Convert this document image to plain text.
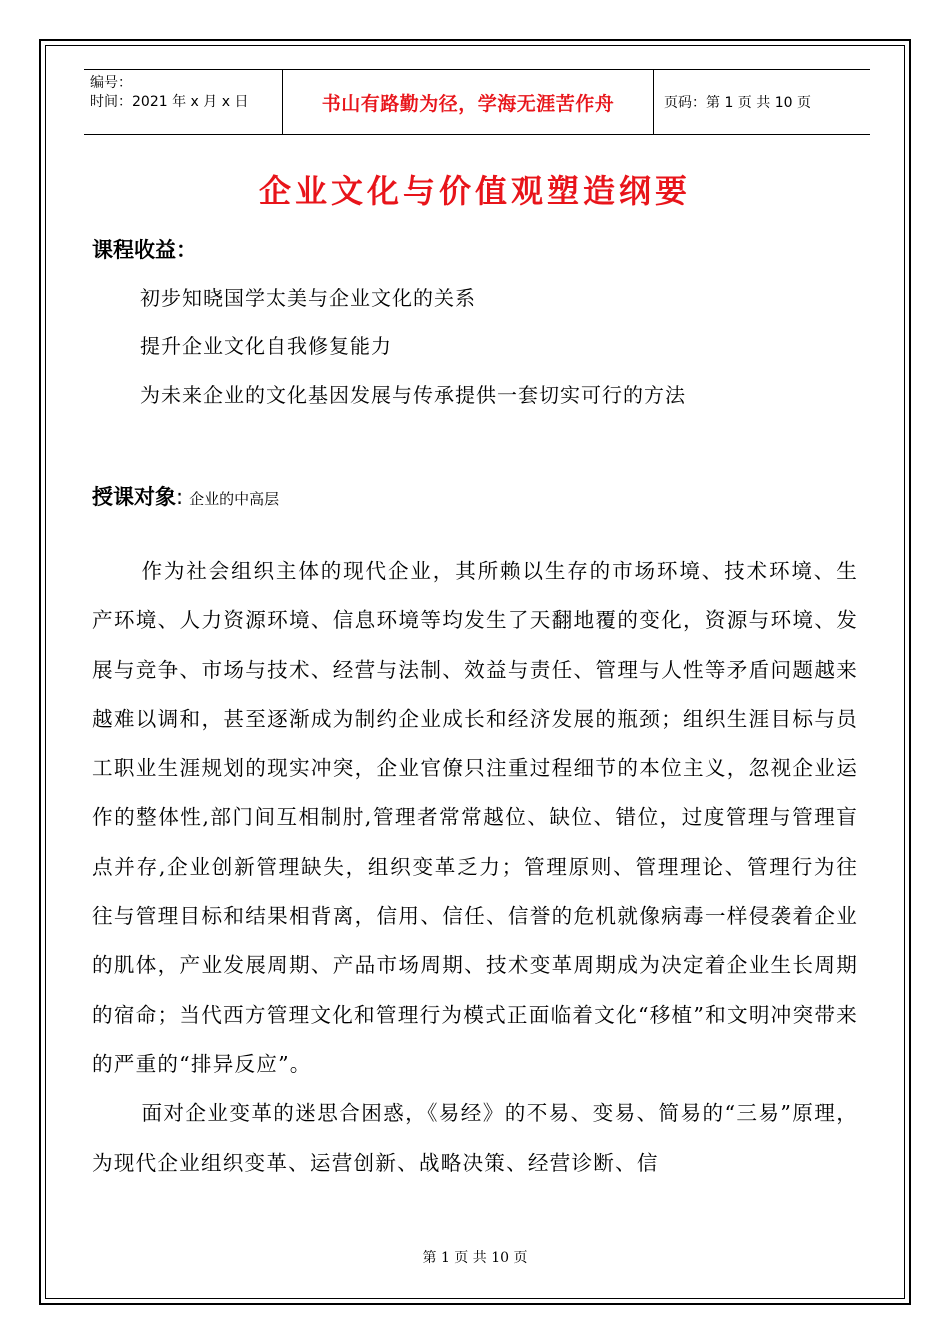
编号：
时间：2021 年 x 月 x 日	书山有路勤为径，学海无涯苦作舟	页码：第 1 页 共 10 页
企业文化与价值观塑造纲要
课程收益：
初步知晓国学太美与企业文化的关系
提升企业文化自我修复能力
为未来企业的文化基因发展与传承提供一套切实可行的方法
授课对象: 企业的中高层

作为社会组织主体的现代企业，其所赖以生存的市场环境、技术环境、生产环境、人力资源环境、信息环境等均发生了天翻地覆的变化，资源与环境、发展与竞争、市场与技术、经营与法制、效益与责任、管理与人性等矛盾问题越来越难以调和，甚至逐渐成为制约企业成长和经济发展的瓶颈；组织生涯目标与员工职业生涯规划的现实冲突，企业官僚只注重过程细节的本位主义，忽视企业运作的整体性,部门间互相制肘,管理者常常越位、缺位、错位，过度管理与管理盲点并存,企业创新管理缺失，组织变革乏力；管理原则、管理理论、管理行为往往与管理目标和结果相背离，信用、信任、信誉的危机就像病毒一样侵袭着企业的肌体，产业发展周期、产品市场周期、技术变革周期成为决定着企业生长周期的宿命；当代西方管理文化和管理行为模式正面临着文化“移植”和文明冲突带来的严重的“排异反应”。

面对企业变革的迷思合困惑，《易经》的不易、变易、简易的“三易”原理，为现代企业组织变革、运营创新、战略决策、经营诊断、信

第 1 页 共 10 页
